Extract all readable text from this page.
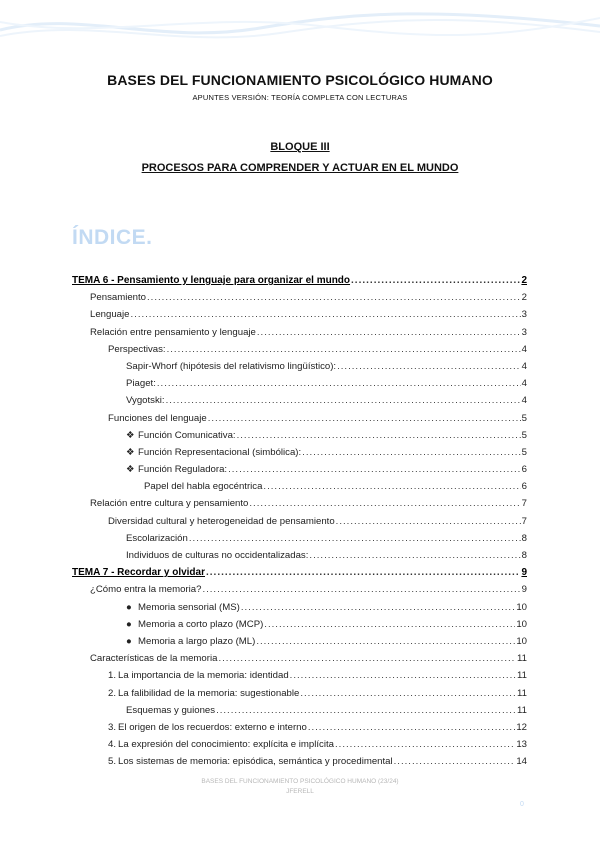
BASES DEL FUNCIONAMIENTO PSICOLÓGICO HUMANO
APUNTES VERSIÓN: TEORÍA COMPLETA CON LECTURAS
BLOQUE III
PROCESOS PARA COMPRENDER Y ACTUAR EN EL MUNDO
ÍNDICE.
TEMA 6 - Pensamiento y lenguaje para organizar el mundo .....	2
Pensamiento .....	2
Lenguaje .....	3
Relación entre pensamiento y lenguaje .....	3
Perspectivas: .....	4
Sapir-Whorf (hipótesis del relativismo lingüístico): .....	4
Piaget: .....	4
Vygotski: .....	4
Funciones del lenguaje .....	5
❖ Función Comunicativa: .....	5
❖ Función Representacional (simbólica): .....	5
❖ Función Reguladora: .....	6
Papel del habla egocéntrica .....	6
Relación entre cultura y pensamiento .....	7
Diversidad cultural y heterogeneidad de pensamiento .....	7
Escolarización .....	8
Individuos de culturas no occidentalizadas: .....	8
TEMA 7 - Recordar y olvidar .....	9
¿Cómo entra la memoria? .....	9
● Memoria sensorial (MS) .....	10
● Memoria a corto plazo (MCP) .....	10
● Memoria a largo plazo (ML) .....	10
Características de la memoria .....	11
1. La importancia de la memoria: identidad .....	11
2. La falibilidad de la memoria: sugestionable .....	11
Esquemas y guiones .....	11
3. El origen de los recuerdos: externo e interno .....	12
4. La expresión del conocimiento: explícita e implícita .....	13
5. Los sistemas de memoria: episódica, semántica y procedimental .....	14
BASES DEL FUNCIONAMIENTO PSICOLÓGICO HUMANO (23/24)
JFERELL
0
